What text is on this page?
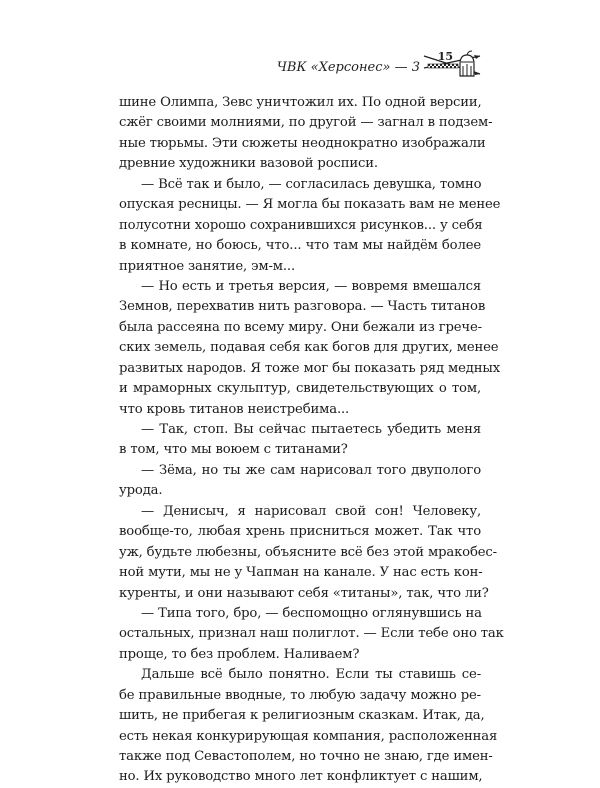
ЧВК «Херсонес» — 3
15
шине Олимпа, Зевс уничтожил их. По одной версии,
сжёг своими молниями, по другой — загнал в подзем-
ные тюрьмы. Эти сюжеты неоднократно изображали
древние художники вазовой росписи.
— Всё так и было, — согласилась девушка, томно
опуская ресницы. — Я могла бы показать вам не менее
полусотни хорошо сохранившихся рисунков... у себя
в комнате, но боюсь, что... что там мы найдём более
приятное занятие, эм-м...
— Но есть и третья версия, — вовремя вмешался
Земнов, перехватив нить разговора. — Часть титанов
была рассеяна по всему миру. Они бежали из грече-
ских земель, подавая себя как богов для других, менее
развитых народов. Я тоже мог бы показать ряд медных
и мраморных скульптур, свидетельствующих о том,
что кровь титанов неистребима...
— Так, стоп. Вы сейчас пытаетесь убедить меня
в том, что мы воюем с титанами?
— Зёма, но ты же сам нарисовал того двуполого
урода.
— Денисыч, я нарисовал свой сон! Человеку,
вообще-то, любая хрень присниться может. Так что
уж, будьте любезны, объясните всё без этой мракобес-
ной мути, мы не у Чапман на канале. У нас есть кон-
куренты, и они называют себя «титаны», так, что ли?
— Типа того, бро, — беспомощно оглянувшись на
остальных, признал наш полиглот. — Если тебе оно так
проще, то без проблем. Наливаем?
Дальше всё было понятно. Если ты ставишь се-
бе правильные вводные, то любую задачу можно ре-
шить, не прибегая к религиозным сказкам. Итак, да,
есть некая конкурирующая компания, расположенная
также под Севастополем, но точно не знаю, где имен-
но. Их руководство много лет конфликтует с нашим,
